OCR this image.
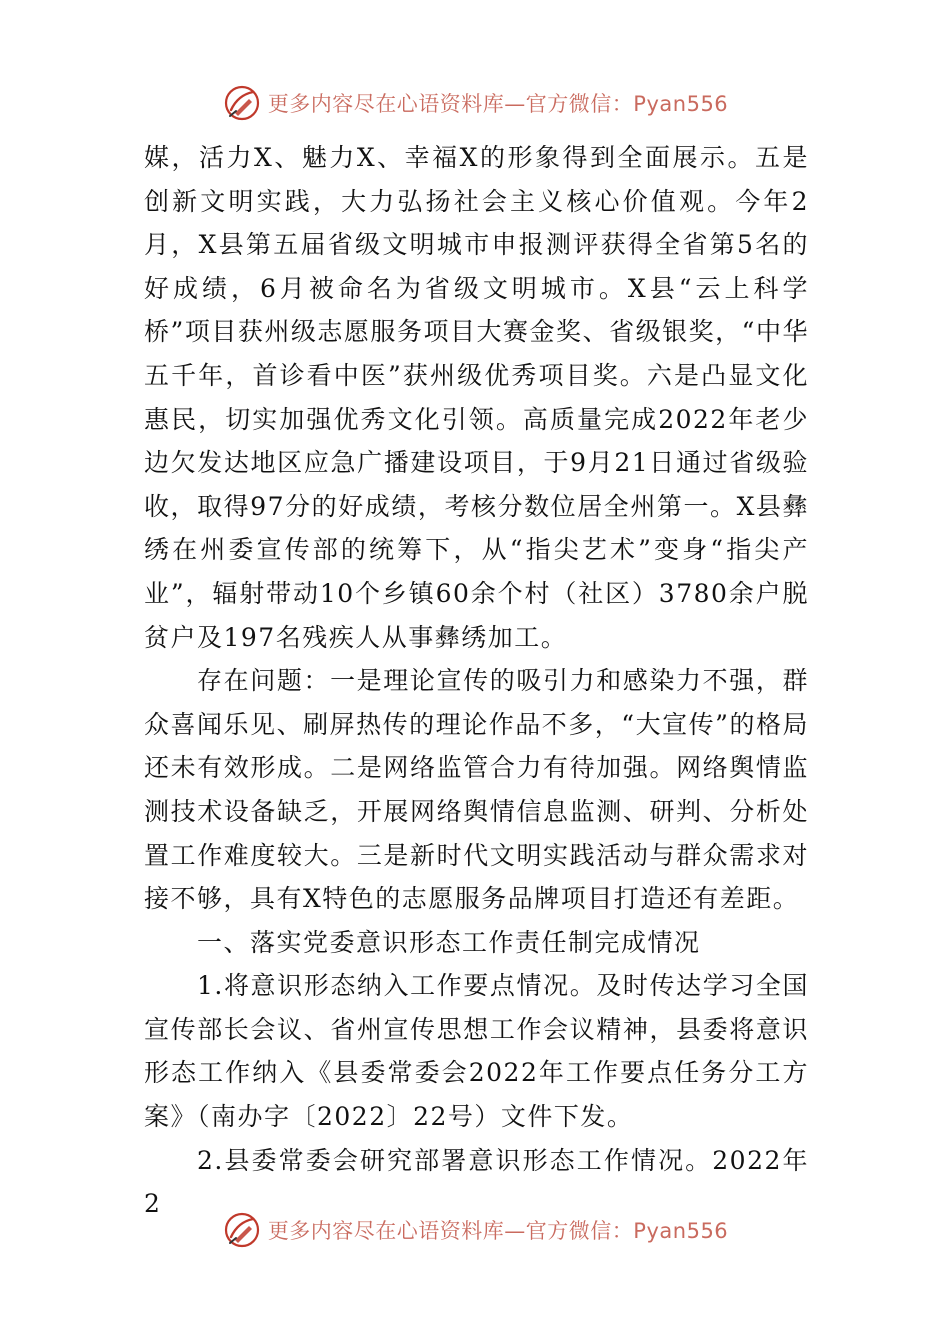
更多内容尽在心语资料库—官方微信：Pyan556

媒，活力X、魅力X、幸福X的形象得到全面展示。五是创新文明实践，大力弘扬社会主义核心价值观。今年2月，X县第五届省级文明城市申报测评获得全省第5名的好成绩，6月被命名为省级文明城市。X县“云上科学桥”项目获州级志愿服务项目大赛金奖、省级银奖，“中华五千年，首诊看中医”获州级优秀项目奖。六是凸显文化惠民，切实加强优秀文化引领。高质量完成2022年老少边欠发达地区应急广播建设项目，于9月21日通过省级验收，取得97分的好成绩，考核分数位居全州第一。X县彝绣在州委宣传部的统筹下，从“指尖艺术”变身“指尖产业”，辐射带动10个乡镇60余个村（社区）3780余户脱贫户及197名残疾人从事彝绣加工。

存在问题：一是理论宣传的吸引力和感染力不强，群众喜闻乐见、刷屏热传的理论作品不多，“大宣传”的格局还未有效形成。二是网络监管合力有待加强。网络舆情监测技术设备缺乏，开展网络舆情信息监测、研判、分析处置工作难度较大。三是新时代文明实践活动与群众需求对接不够，具有X特色的志愿服务品牌项目打造还有差距。

一、落实党委意识形态工作责任制完成情况

1.将意识形态纳入工作要点情况。及时传达学习全国宣传部长会议、省州宣传思想工作会议精神，县委将意识形态工作纳入《县委常委会2022年工作要点任务分工方案》（南办字〔2022〕22号）文件下发。

2.县委常委会研究部署意识形态工作情况。2022年2

更多内容尽在心语资料库—官方微信：Pyan556
